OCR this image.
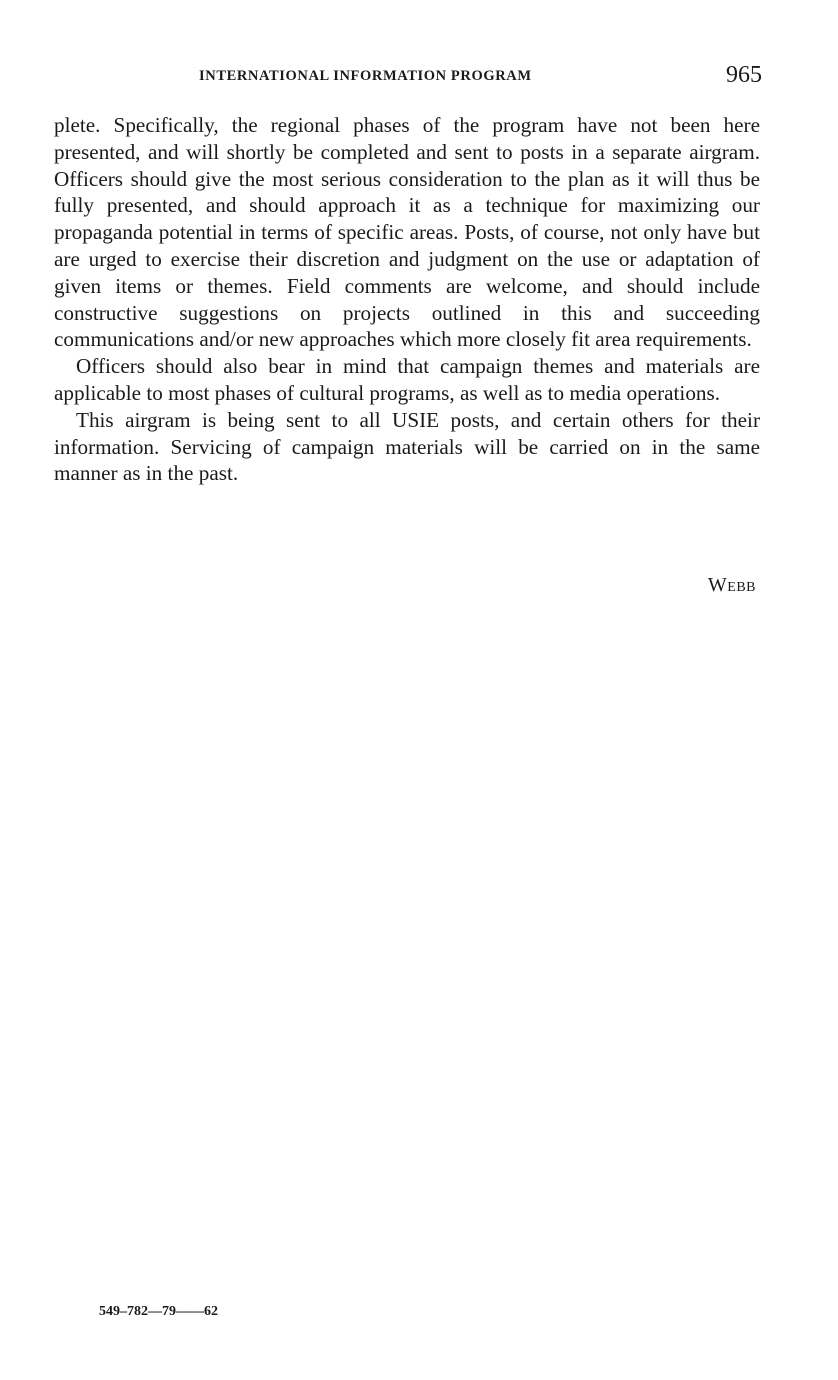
INTERNATIONAL INFORMATION PROGRAM	965

plete. Specifically, the regional phases of the program have not been here presented, and will shortly be completed and sent to posts in a separate airgram. Officers should give the most serious consideration to the plan as it will thus be fully presented, and should approach it as a technique for maximizing our propaganda potential in terms of specific areas. Posts, of course, not only have but are urged to exercise their discretion and judgment on the use or adaptation of given items or themes. Field comments are welcome, and should include constructive suggestions on projects outlined in this and succeeding communications and/or new approaches which more closely fit area requirements.

Officers should also bear in mind that campaign themes and materials are applicable to most phases of cultural programs, as well as to media operations.

This airgram is being sent to all USIE posts, and certain others for their information. Servicing of campaign materials will be carried on in the same manner as in the past.

Webb
549–782—79——62
